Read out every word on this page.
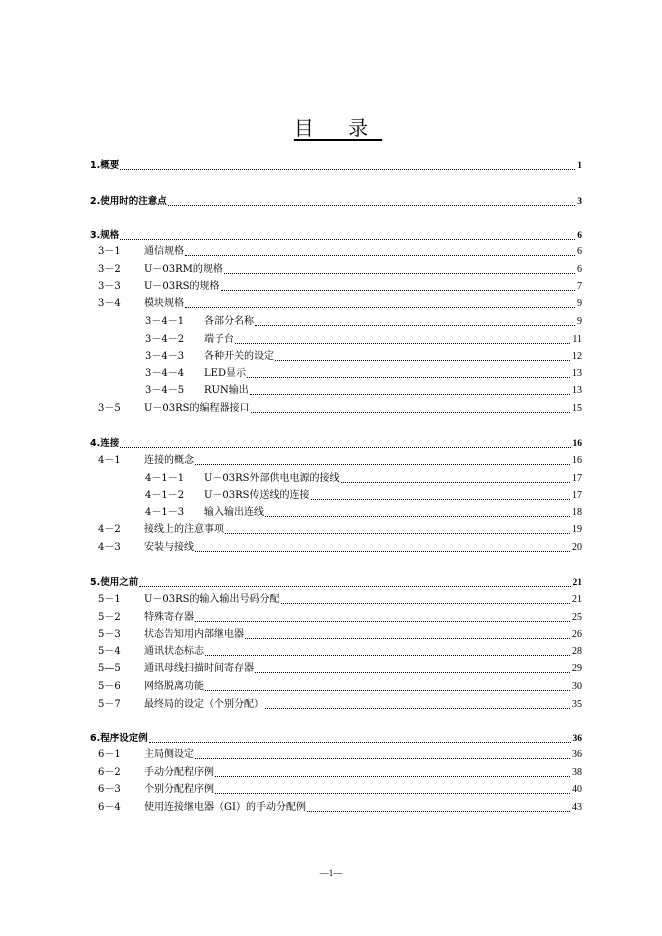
目 录
1.概要	1
2.使用时的注意点	3
3.规格	6
3－1	通信规格	6
3－2	U－03RM的规格	6
3－3	U－03RS的规格	7
3－4	模块规格	9
3－4－1	各部分名称	9
3－4－2	端子台	11
3－4－3	各种开关的设定	12
3－4－4	LED显示	13
3－4－5	RUN输出	13
3－5	U－03RS的编程器接口	15
4.连接	16
4－1	连接的概念	16
4－1－1	U－03RS外部供电电源的接线	17
4－1－2	U－03RS传送线的连接	17
4－1－3	输入输出连线	18
4－2	接线上的注意事项	19
4－3	安装与接线	20
5.使用之前	21
5－1	U－03RS的输入输出号码分配	21
5－2	特殊寄存器	25
5－3	状态告知用内部继电器	26
5－4	通讯状态标志	28
5—5	通讯母线扫描时间寄存器	29
5－6	网络脱离功能	30
5－7	最终局的设定（个别分配）	35
6.程序设定例	36
6－1	主局侧设定	36
6－2	手动分配程序例	38
6－3	个别分配程序例	40
6－4	使用连接继电器（GI）的手动分配例	43
—1—
